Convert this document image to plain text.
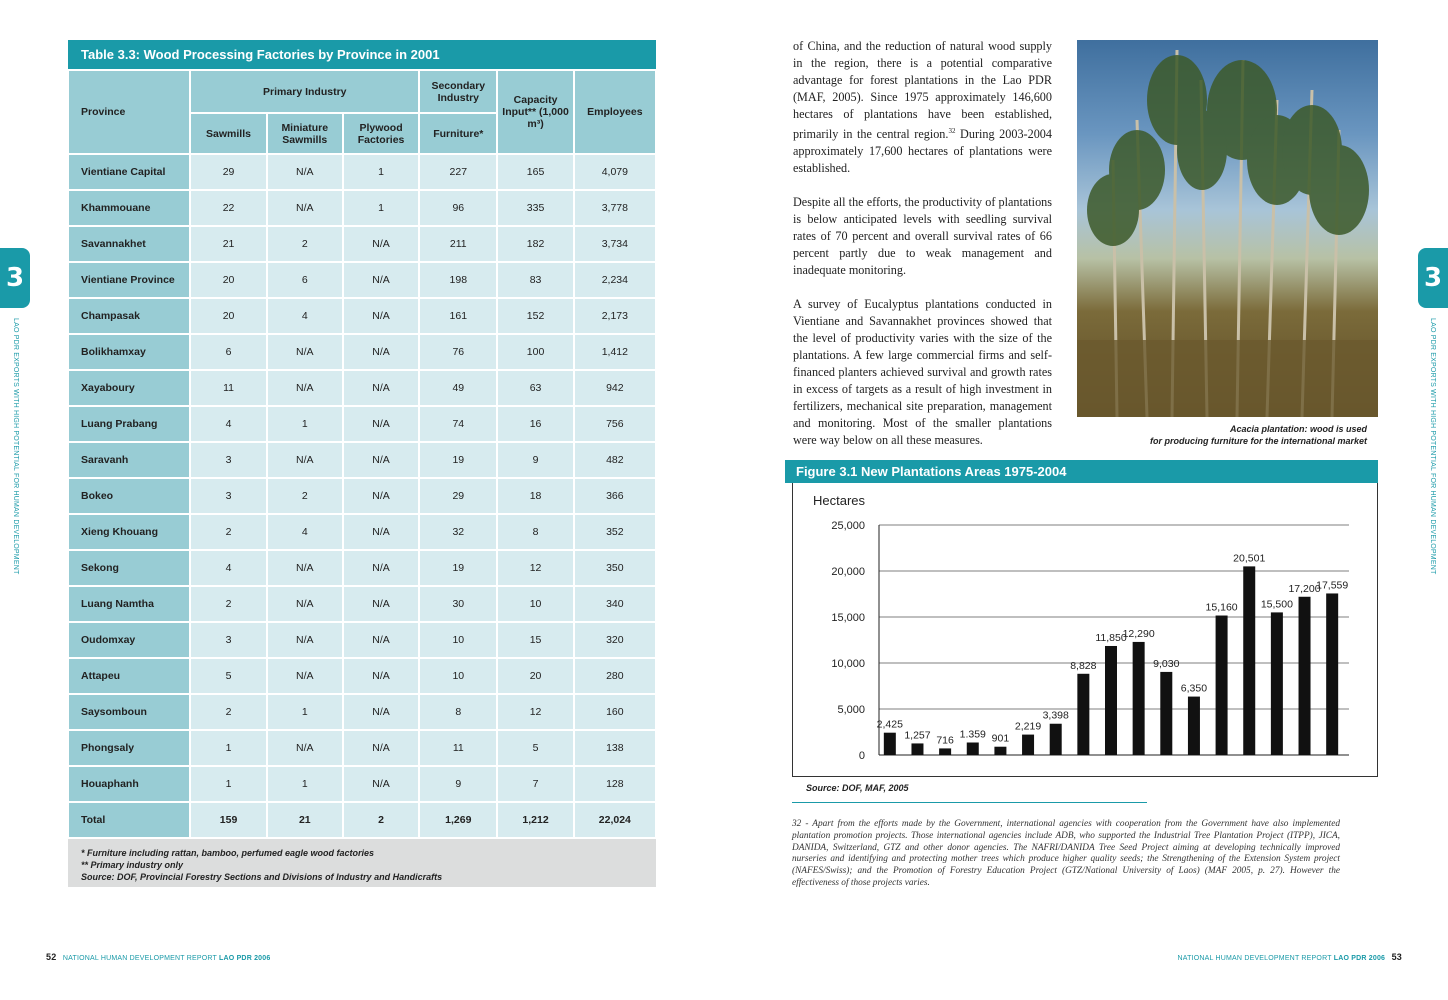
3
LAO PDR EXPORTS WITH HIGH POTENTIAL FOR HUMAN DEVELOPMENT
3
LAO PDR EXPORTS WITH HIGH POTENTIAL FOR HUMAN DEVELOPMENT
Table 3.3: Wood Processing Factories by Province in 2001
Province	Primary Industry			Secondary Industry	Capacity Input** (1,000 m³)	Employees
	Sawmills	Miniature Sawmills	Plywood Factories	Furniture*		
Vientiane Capital	29	N/A	1	227	165	4,079
Khammouane	22	N/A	1	96	335	3,778
Savannakhet	21	2	N/A	211	182	3,734
Vientiane Province	20	6	N/A	198	83	2,234
Champasak	20	4	N/A	161	152	2,173
Bolikhamxay	6	N/A	N/A	76	100	1,412
Xayaboury	11	N/A	N/A	49	63	942
Luang Prabang	4	1	N/A	74	16	756
Saravanh	3	N/A	N/A	19	9	482
Bokeo	3	2	N/A	29	18	366
Xieng Khouang	2	4	N/A	32	8	352
Sekong	4	N/A	N/A	19	12	350
Luang Namtha	2	N/A	N/A	30	10	340
Oudomxay	3	N/A	N/A	10	15	320
Attapeu	5	N/A	N/A	10	20	280
Saysomboun	2	1	N/A	8	12	160
Phongsaly	1	N/A	N/A	11	5	138
Houaphanh	1	1	N/A	9	7	128
Total	159	21	2	1,269	1,212	22,024
* Furniture including rattan, bamboo, perfumed eagle wood factories
** Primary industry only
Source: DOF, Provincial Forestry Sections and Divisions of Industry and Handicrafts

of China, and the reduction of natural wood supply in the region, there is a potential comparative advantage for forest plantations in the Lao PDR (MAF, 2005). Since 1975 approximately 146,600 hectares of plantations have been established, primarily in the central region.$^{32}$ During 2003-2004 approximately 17,600 hectares of plantations were established.

Despite all the efforts, the productivity of plantations is below anticipated levels with seedling survival rates of 70 percent and overall survival rates of 66 percent partly due to weak management and inadequate monitoring.

A survey of Eucalyptus plantations conducted in Vientiane and Savannakhet provinces showed that the level of productivity varies with the size of the plantations. A few large commercial firms and self-financed planters achieved survival and growth rates in excess of targets as a result of high investment in fertilizers, mechanical site preparation, management and monitoring. Most of the smaller plantations were way below on all these measures.

Acacia plantation: wood is used
for producing furniture for the international market
Figure 3.1 New Plantations Areas 1975-2004
Hectares
0
5,000
10,000
15,000
20,000
25,000
2,425
1,257 716 1.359 901
2,219
3,398
8,828
11,850
12,290
9,030
6,350
15,160
20,501
15,500
17,200
17,559
Source: DOF, MAF, 2005
32 - Apart from the efforts made by the Government, international agencies with cooperation from the Government have also implemented plantation promotion projects. Those international agencies include ADB, who supported the Industrial Tree Plantation Project (ITPP), JICA, DANIDA, Switzerland, GTZ and other donor agencies. The NAFRI/DANIDA Tree Seed Project aiming at developing technically improved nurseries and identifying and protecting mother trees which produce higher quality seeds; the Strengthening of the Extension System project (NAFES/Swiss); and the Promotion of Forestry Education Project (GTZ/National University of Laos) (MAF 2005, p. 27). However the effectiveness of those projects varies.
52 NATIONAL HUMAN DEVELOPMENT REPORT LAO PDR 2006	NATIONAL HUMAN DEVELOPMENT REPORT LAO PDR 2006 53
